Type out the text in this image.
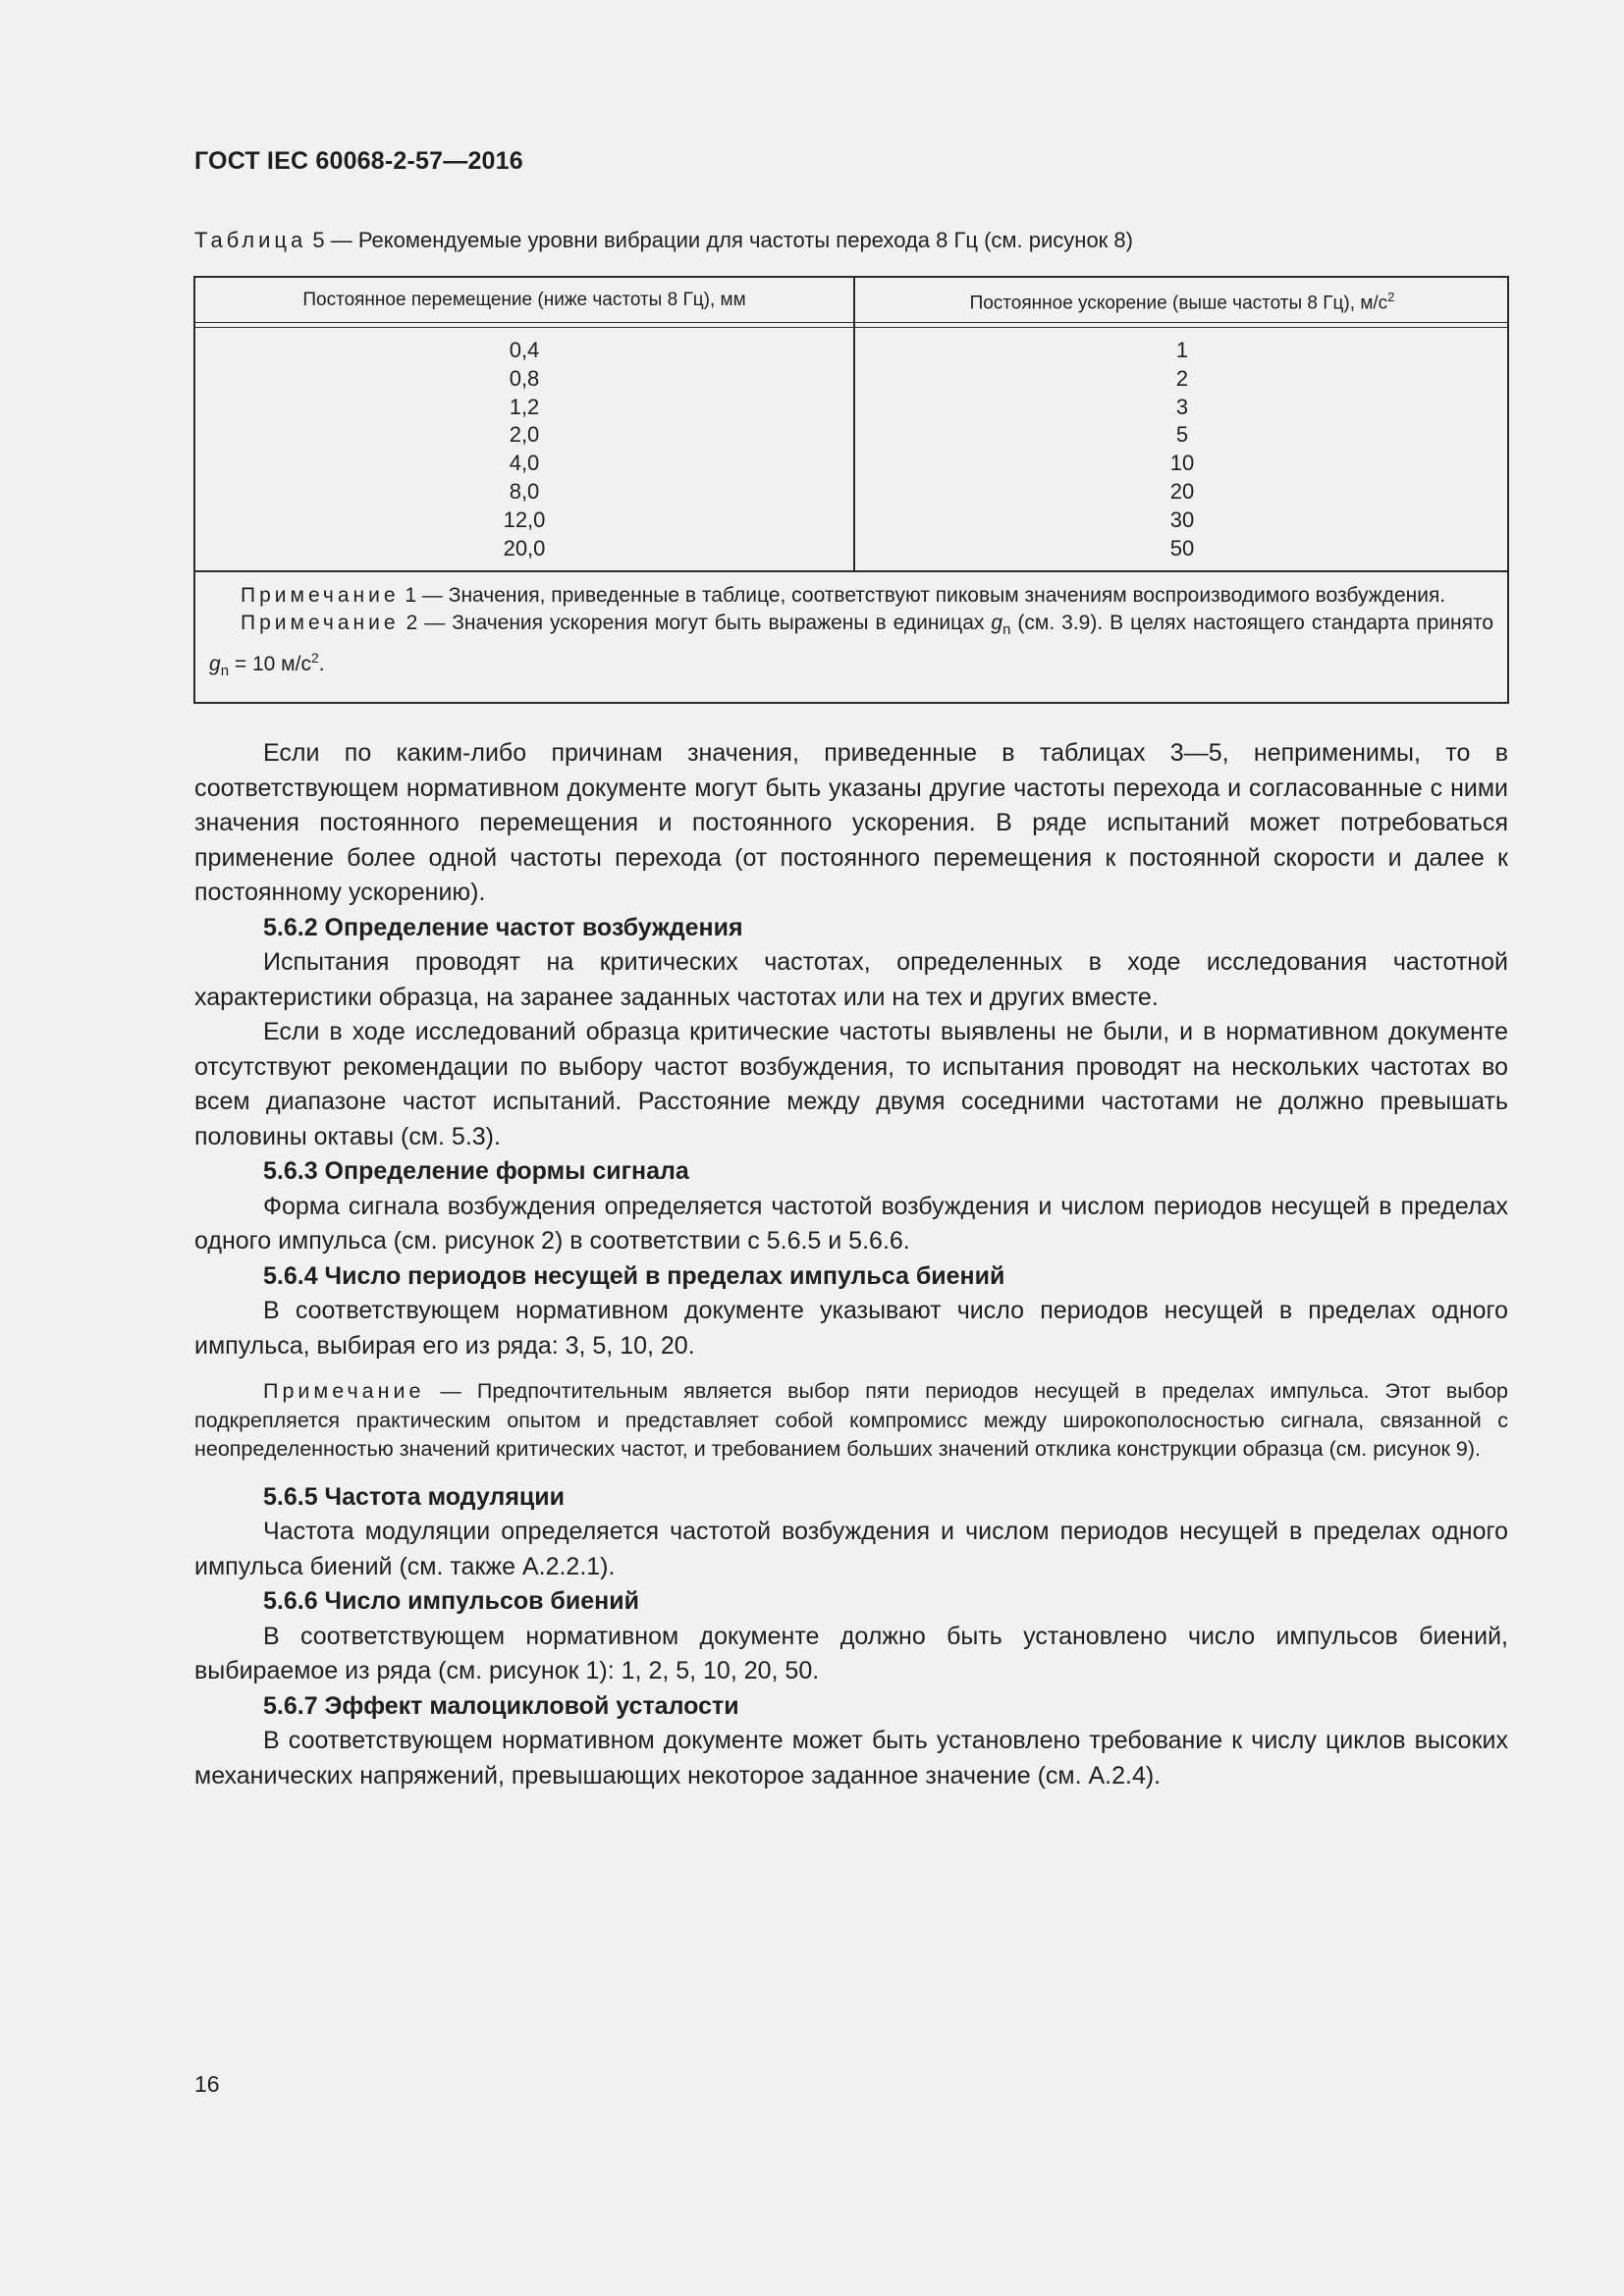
ГОСТ IEC 60068-2-57—2016
Таблица 5 — Рекомендуемые уровни вибрации для частоты перехода 8 Гц (см. рисунок 8)
Постоянное перемещение (ниже частоты 8 Гц), мм	Постоянное ускорение (выше частоты 8 Гц), $м/с^2$
0,4
0,8
1,2
2,0
4,0
8,0
12,0
20,0
1
2
3
5
10
20
30
50

Примечание 1 — Значения, приведенные в таблице, соответствуют пиковым значениям воспроизводимого возбуждения.

Примечание 2 — Значения ускорения могут быть выражены в единицах $g_n$ (см. 3.9). В целях настоящего стандарта принято $g_n = 10$ $м/с^2$.

Если по каким-либо причинам значения, приведенные в таблицах 3—5, неприменимы, то в соответствующем нормативном документе могут быть указаны другие частоты перехода и согласованные с ними значения постоянного перемещения и постоянного ускорения. В ряде испытаний может потребоваться применение более одной частоты перехода (от постоянного перемещения к постоянной скорости и далее к постоянному ускорению).

5.6.2 Определение частот возбуждения

Испытания проводят на критических частотах, определенных в ходе исследования частотной характеристики образца, на заранее заданных частотах или на тех и других вместе.

Если в ходе исследований образца критические частоты выявлены не были, и в нормативном документе отсутствуют рекомендации по выбору частот возбуждения, то испытания проводят на нескольких частотах во всем диапазоне частот испытаний. Расстояние между двумя соседними частотами не должно превышать половины октавы (см. 5.3).

5.6.3 Определение формы сигнала

Форма сигнала возбуждения определяется частотой возбуждения и числом периодов несущей в пределах одного импульса (см. рисунок 2) в соответствии с 5.6.5 и 5.6.6.

5.6.4 Число периодов несущей в пределах импульса биений

В соответствующем нормативном документе указывают число периодов несущей в пределах одного импульса, выбирая его из ряда: 3, 5, 10, 20.

Примечание — Предпочтительным является выбор пяти периодов несущей в пределах импульса. Этот выбор подкрепляется практическим опытом и представляет собой компромисс между широкополосностью сигнала, связанной с неопределенностью значений критических частот, и требованием больших значений отклика конструкции образца (см. рисунок 9).

5.6.5 Частота модуляции

Частота модуляции определяется частотой возбуждения и числом периодов несущей в пределах одного импульса биений (см. также А.2.2.1).

5.6.6 Число импульсов биений

В соответствующем нормативном документе должно быть установлено число импульсов биений, выбираемое из ряда (см. рисунок 1): 1, 2, 5, 10, 20, 50.

5.6.7 Эффект малоцикловой усталости

В соответствующем нормативном документе может быть установлено требование к числу циклов высоких механических напряжений, превышающих некоторое заданное значение (см. А.2.4).

16
